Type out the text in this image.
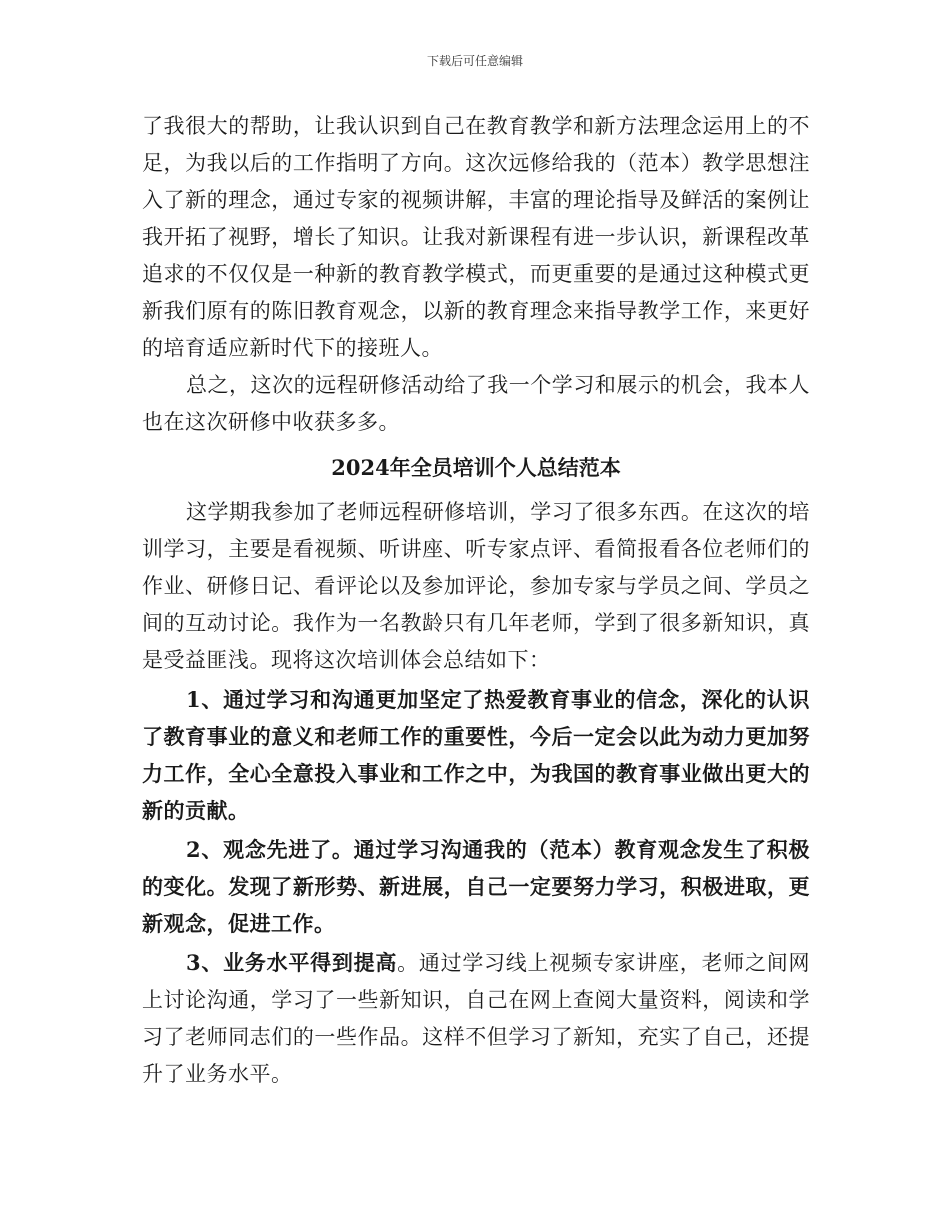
下载后可任意编辑

了我很大的帮助，让我认识到自己在教育教学和新方法理念运用上的不足，为我以后的工作指明了方向。这次远修给我的（范本）教学思想注入了新的理念，通过专家的视频讲解，丰富的理论指导及鲜活的案例让我开拓了视野，增长了知识。让我对新课程有进一步认识，新课程改革追求的不仅仅是一种新的教育教学模式，而更重要的是通过这种模式更新我们原有的陈旧教育观念，以新的教育理念来指导教学工作，来更好的培育适应新时代下的接班人。

总之，这次的远程研修活动给了我一个学习和展示的机会，我本人也在这次研修中收获多多。

2024年全员培训个人总结范本

这学期我参加了老师远程研修培训，学习了很多东西。在这次的培训学习，主要是看视频、听讲座、听专家点评、看简报看各位老师们的作业、研修日记、看评论以及参加评论，参加专家与学员之间、学员之间的互动讨论。我作为一名教龄只有几年老师，学到了很多新知识，真是受益匪浅。现将这次培训体会总结如下：

1、通过学习和沟通更加坚定了热爱教育事业的信念，深化的认识了教育事业的意义和老师工作的重要性，今后一定会以此为动力更加努力工作，全心全意投入事业和工作之中，为我国的教育事业做出更大的新的贡献。

2、观念先进了。通过学习沟通我的（范本）教育观念发生了积极的变化。发现了新形势、新进展，自己一定要努力学习，积极进取，更新观念，促进工作。

3、业务水平得到提高。通过学习线上视频专家讲座，老师之间网上讨论沟通，学习了一些新知识，自己在网上查阅大量资料，阅读和学习了老师同志们的一些作品。这样不但学习了新知，充实了自己，还提升了业务水平。
